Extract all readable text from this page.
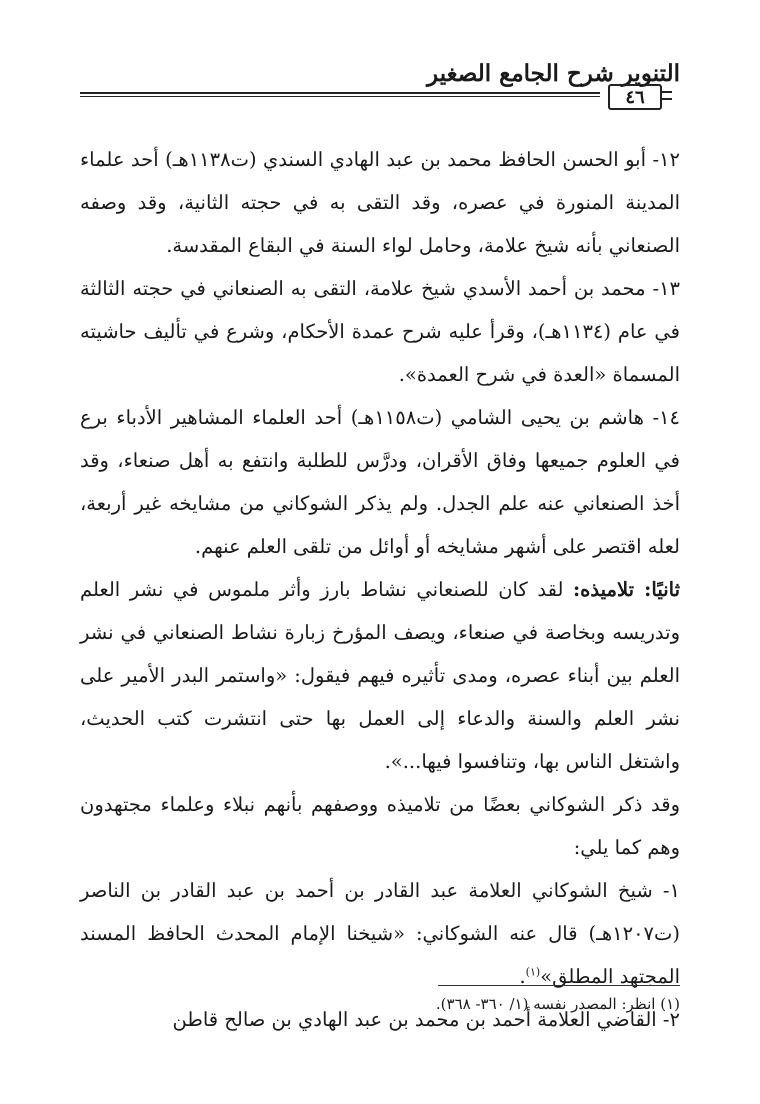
التنوير شرح الجامع الصغير
٤٦

١٢- أبو الحسن الحافظ محمد بن عبد الهادي السندي (ت١١٣٨هـ) أحد علماء المدينة المنورة في عصره، وقد التقى به في حجته الثانية، وقد وصفه الصنعاني بأنه شيخ علامة، وحامل لواء السنة في البقاع المقدسة.

١٣- محمد بن أحمد الأسدي شيخ علامة، التقى به الصنعاني في حجته الثالثة في عام (١١٣٤هـ)، وقرأ عليه شرح عمدة الأحكام، وشرع في تأليف حاشيته المسماة «العدة في شرح العمدة».

١٤- هاشم بن يحيى الشامي (ت١١٥٨هـ) أحد العلماء المشاهير الأدباء برع في العلوم جميعها وفاق الأقران، ودرَّس للطلبة وانتفع به أهل صنعاء، وقد أخذ الصنعاني عنه علم الجدل. ولم يذكر الشوكاني من مشايخه غير أربعة، لعله اقتصر على أشهر مشايخه أو أوائل من تلقى العلم عنهم.

ثانيًا: تلاميذه: لقد كان للصنعاني نشاط بارز وأثر ملموس في نشر العلم وتدريسه وبخاصة في صنعاء، ويصف المؤرخ زبارة نشاط الصنعاني في نشر العلم بين أبناء عصره، ومدى تأثيره فيهم فيقول: «واستمر البدر الأمير على نشر العلم والسنة والدعاء إلى العمل بها حتى انتشرت كتب الحديث، واشتغل الناس بها، وتنافسوا فيها...».

وقد ذكر الشوكاني بعضًا من تلاميذه ووصفهم بأنهم نبلاء وعلماء مجتهدون وهم كما يلي:

١- شيخ الشوكاني العلامة عبد القادر بن أحمد بن عبد القادر بن الناصر (ت١٢٠٧هـ) قال عنه الشوكاني: «شيخنا الإمام المحدث الحافظ المسند المجتهد المطلق»$^{(١)}$.

٢- القاضي العلامة أحمد بن محمد بن عبد الهادي بن صالح قاطن

(١) انظر: المصدر نفسه (١/ ٣٦٠- ٣٦٨).
